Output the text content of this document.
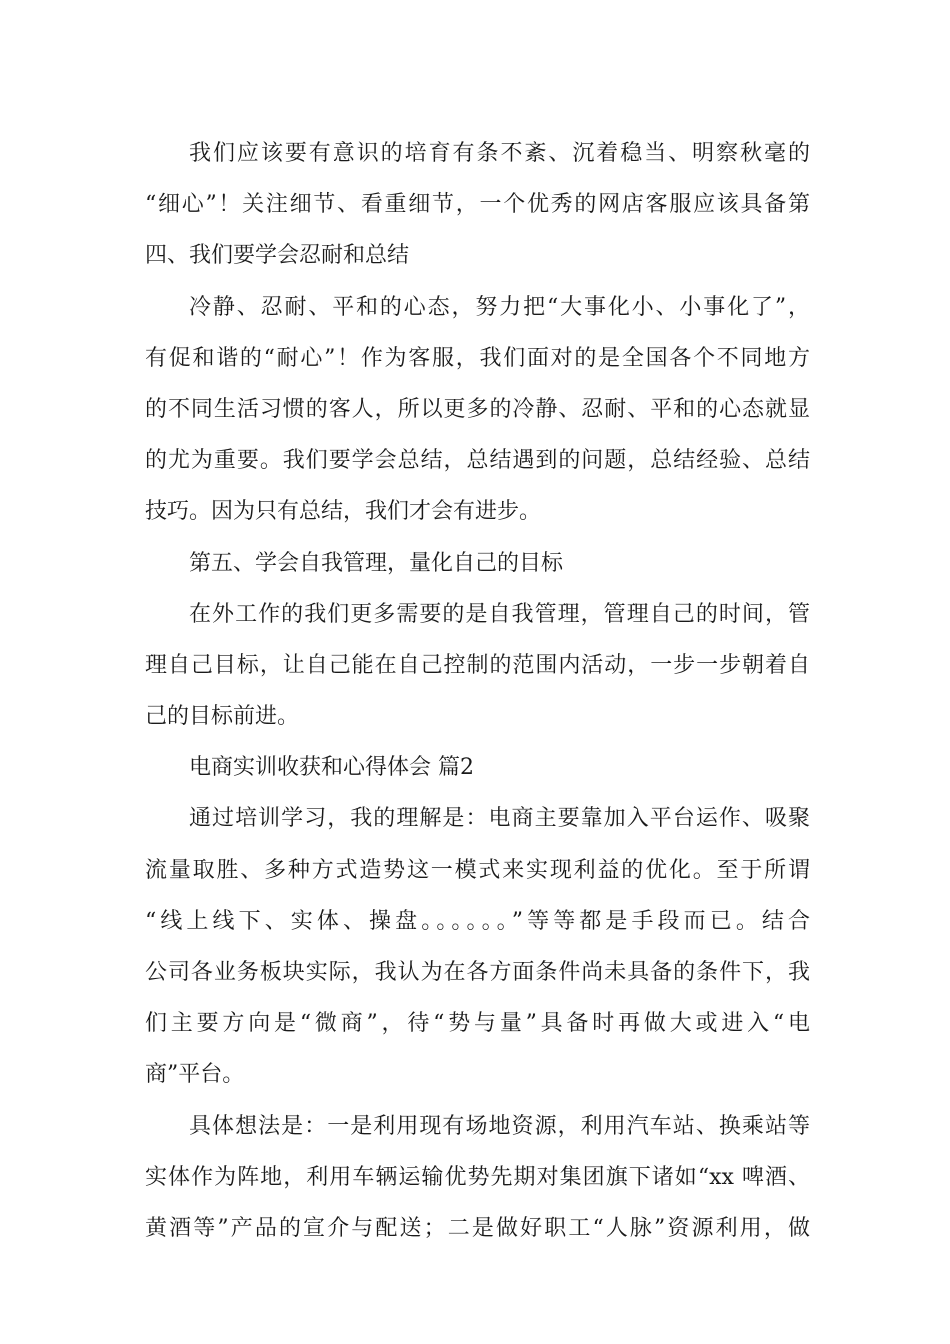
我们应该要有意识的培育有条不紊、沉着稳当、明察秋毫的
“细心”！关注细节、看重细节，一个优秀的网店客服应该具备第
四、我们要学会忍耐和总结
冷静、忍耐、平和的心态，努力把“大事化小、小事化了”，
有促和谐的“耐心”！作为客服，我们面对的是全国各个不同地方
的不同生活习惯的客人，所以更多的冷静、忍耐、平和的心态就显
的尤为重要。我们要学会总结，总结遇到的问题，总结经验、总结
技巧。因为只有总结，我们才会有进步。
第五、学会自我管理，量化自己的目标
在外工作的我们更多需要的是自我管理，管理自己的时间，管
理自己目标，让自己能在自己控制的范围内活动，一步一步朝着自
己的目标前进。
电商实训收获和心得体会 篇2
通过培训学习，我的理解是：电商主要靠加入平台运作、吸聚
流量取胜、多种方式造势这一模式来实现利益的优化。至于所谓
“线上线下、实体、操盘。。。。。。”等等都是手段而已。结合
公司各业务板块实际，我认为在各方面条件尚未具备的条件下，我
们主要方向是“微商”，待“势与量”具备时再做大或进入“电
商”平台。
具体想法是：一是利用现有场地资源，利用汽车站、换乘站等
实体作为阵地，利用车辆运输优势先期对集团旗下诸如“xx 啤酒、
黄酒等”产品的宣介与配送；二是做好职工“人脉”资源利用，做
